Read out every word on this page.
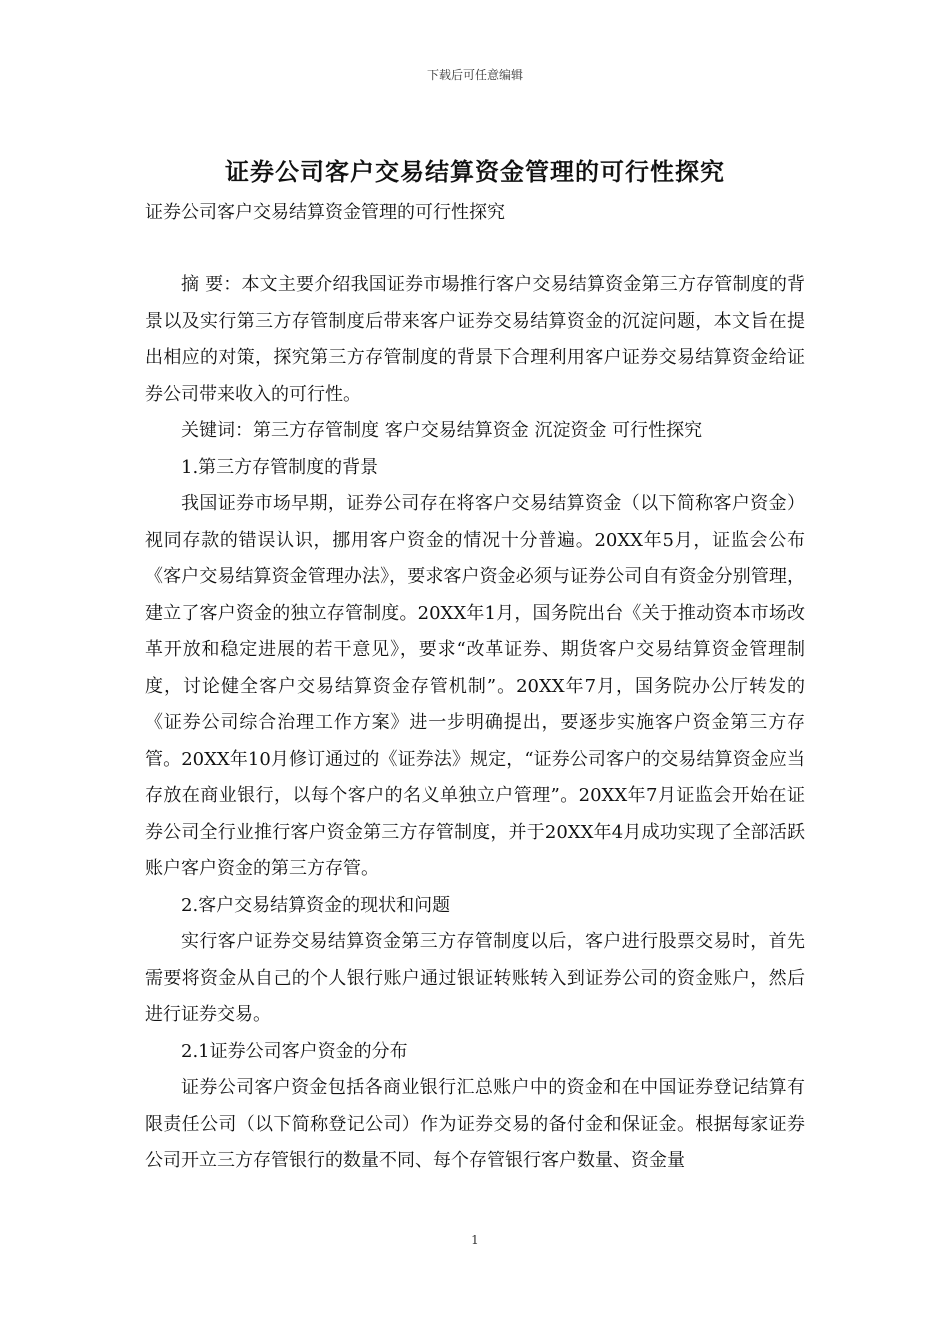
下载后可任意编辑
证券公司客户交易结算资金管理的可行性探究

证券公司客户交易结算资金管理的可行性探究

摘 要：本文主要介绍我国证券市場推行客户交易结算资金第三方存管制度的背景以及实行第三方存管制度后带来客户证券交易结算资金的沉淀问题，本文旨在提出相应的对策，探究第三方存管制度的背景下合理利用客户证券交易结算资金给证券公司带来收入的可行性。

关键词：第三方存管制度 客户交易结算资金 沉淀资金 可行性探究

1.第三方存管制度的背景

我国证券市场早期，证券公司存在将客户交易结算资金（以下简称客户资金）视同存款的错误认识，挪用客户资金的情况十分普遍。20XX年5月，证监会公布《客户交易结算资金管理办法》，要求客户资金必须与证券公司自有资金分别管理，建立了客户资金的独立存管制度。20XX年1月，国务院出台《关于推动资本市场改革开放和稳定进展的若干意见》，要求“改革证券、期货客户交易结算资金管理制度，讨论健全客户交易结算资金存管机制”。20XX年7月，国务院办公厅转发的《证券公司综合治理工作方案》进一步明确提出，要逐步实施客户资金第三方存管。20XX年10月修订通过的《证券法》规定，“证券公司客户的交易结算资金应当存放在商业银行，以每个客户的名义单独立户管理”。20XX年7月证监会开始在证券公司全行业推行客户资金第三方存管制度，并于20XX年4月成功实现了全部活跃账户客户资金的第三方存管。

2.客户交易结算资金的现状和问题

实行客户证券交易结算资金第三方存管制度以后，客户进行股票交易时，首先需要将资金从自己的个人银行账户通过银证转账转入到证券公司的资金账户，然后进行证券交易。

2.1证券公司客户资金的分布

证券公司客户资金包括各商业银行汇总账户中的资金和在中国证券登记结算有限责任公司（以下简称登记公司）作为证券交易的备付金和保证金。根据每家证券公司开立三方存管银行的数量不同、每个存管银行客户数量、资金量

1
